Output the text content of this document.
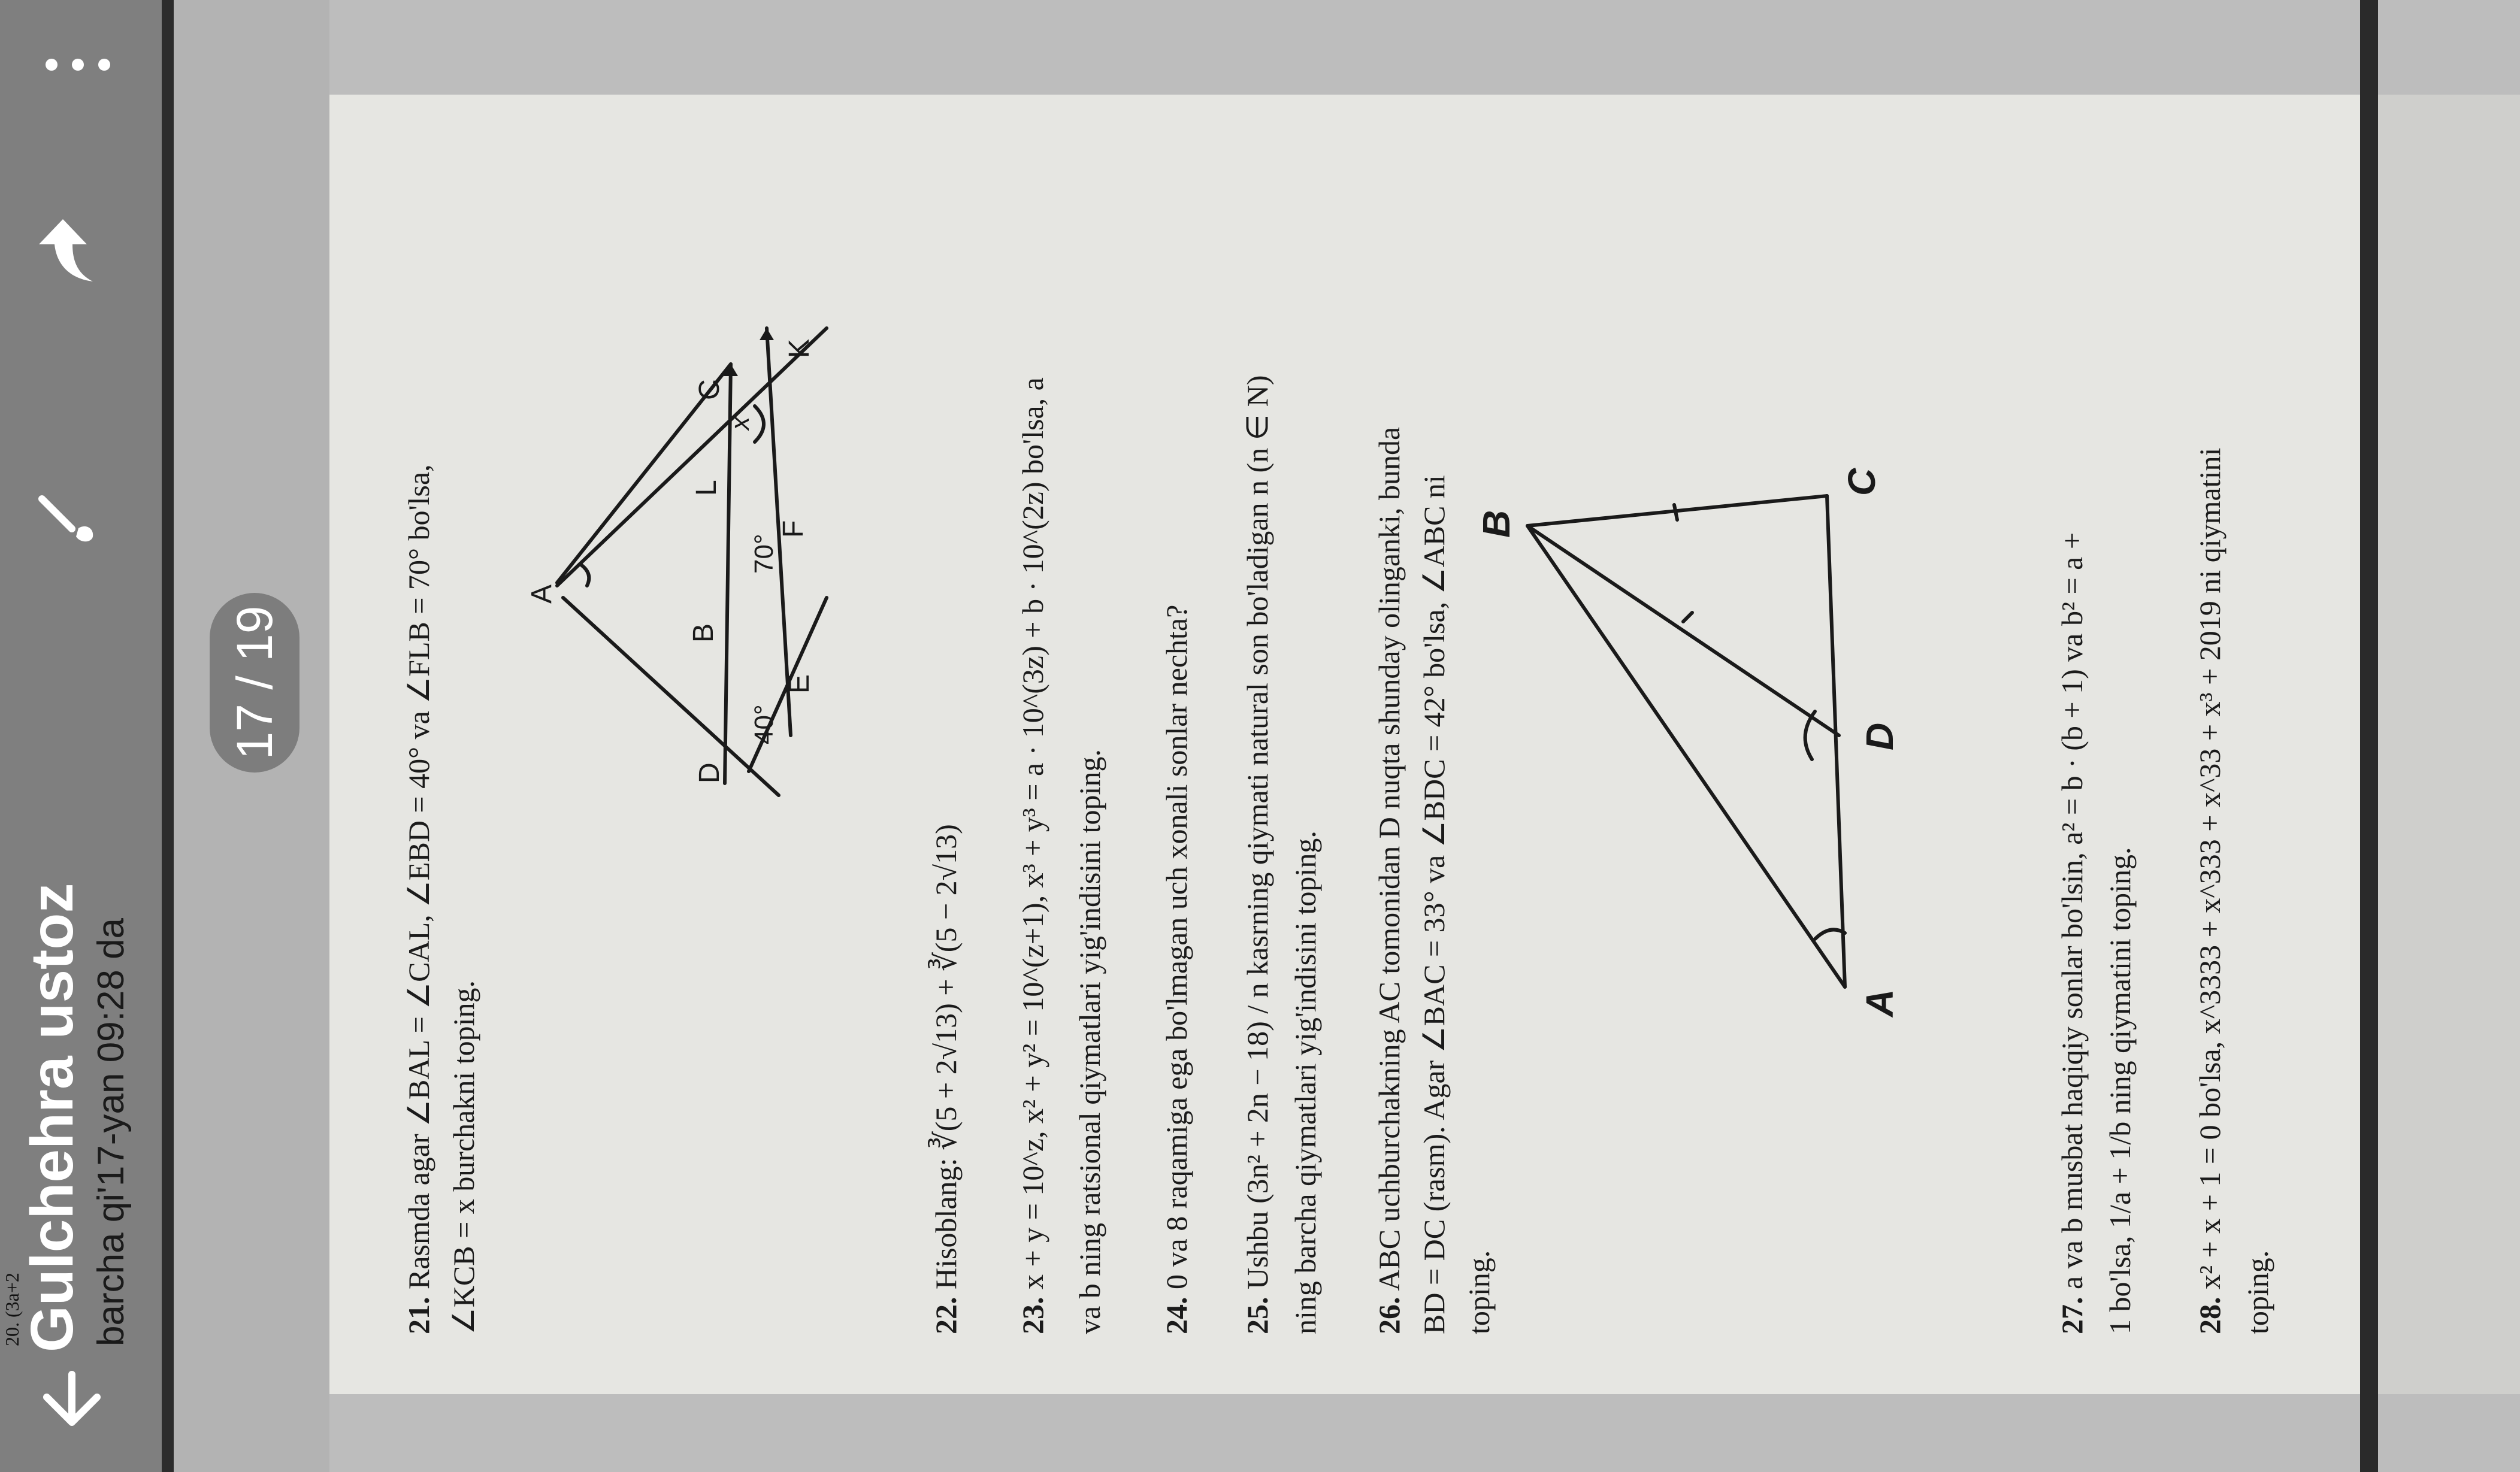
20. (3a+2
Gulchehra ustoz barcha qi'17-yan 09:28 da
17 / 19
21. Rasmda agar ∠BAL = ∠CAL, ∠EBD = 40° va ∠FLB = 70° bo'lsa, ∠KCB = x burchakni toping.
A
D
B
L
C
E
F
K
x
40°
70°
22. Hisoblang: ∛(5 + 2√13) + ∛(5 − 2√13)
23. x + y = 10^z, x² + y² = 10^(z+1), x³ + y³ = a · 10^(3z) + b · 10^(2z) bo'lsa, a va b ning ratsional qiymatlari yig'indisini toping. 24. 0 va 8 raqamiga ega bo'lmagan uch xonali sonlar nechta?
25. Ushbu (3n² + 2n − 18) / n kasrning qiymati natural son bo'ladigan n (n ∈ N) ning barcha qiymatlari yig'indisini toping. 26. ABC uchburchakning AC tomonidan D nuqta shunday olinganki, bunda BD = DC (rasm). Agar ∠BAC = 33° va ∠BDC = 42° bo'lsa, ∠ABC ni toping.
B
A
D
C
27. a va b musbat haqiqiy sonlar bo'lsin, a² = b · (b + 1) va b² = a + 1 bo'lsa, 1/a + 1/b ning qiymatini toping. 28. x² + x + 1 = 0 bo'lsa, x^3333 + x^333 + x^33 + x³ + 2019 ni qiymatini
toping.
